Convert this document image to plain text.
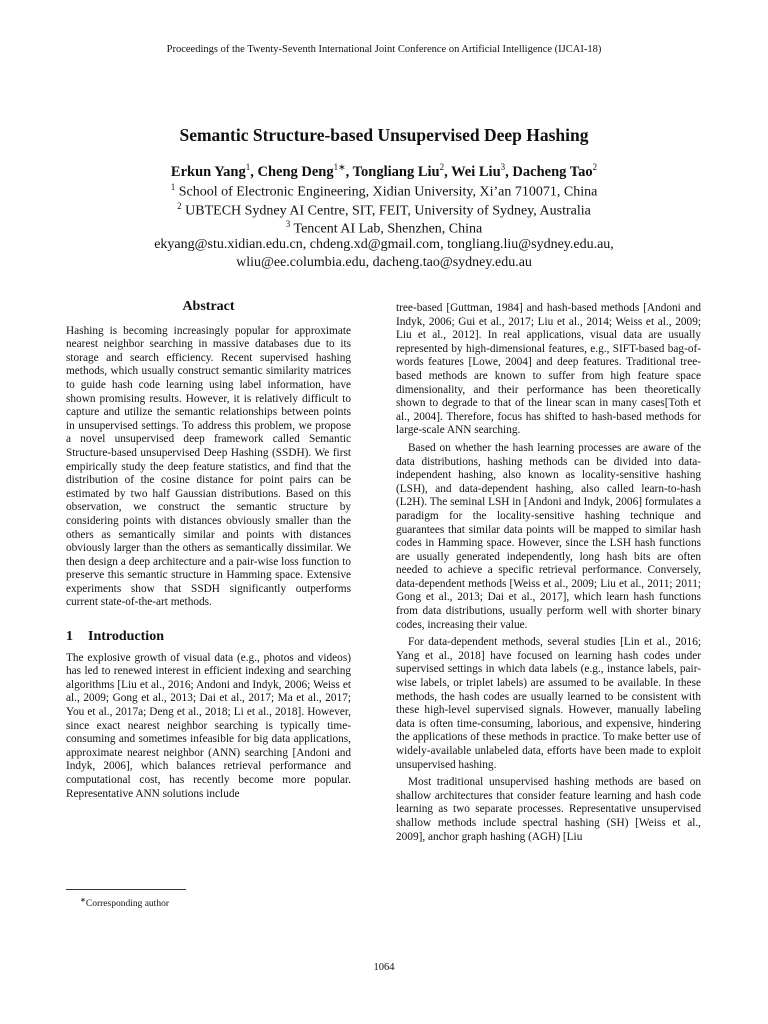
Proceedings of the Twenty-Seventh International Joint Conference on Artificial Intelligence (IJCAI-18)
Semantic Structure-based Unsupervised Deep Hashing
Erkun Yang$^1$, Cheng Deng$^{1∗}$, Tongliang Liu$^2$, Wei Liu$^3$, Dacheng Tao$^2$
$^1$ School of Electronic Engineering, Xidian University, Xi’an 710071, China
$^2$ UBTECH Sydney AI Centre, SIT, FEIT, University of Sydney, Australia
$^3$ Tencent AI Lab, Shenzhen, China
ekyang@stu.xidian.edu.cn, chdeng.xd@gmail.com, tongliang.liu@sydney.edu.au,
wliu@ee.columbia.edu, dacheng.tao@sydney.edu.au
Abstract

Hashing is becoming increasingly popular for approximate nearest neighbor searching in massive databases due to its storage and search efficiency. Recent supervised hashing methods, which usually construct semantic similarity matrices to guide hash code learning using label information, have shown promising results. However, it is relatively difficult to capture and utilize the semantic relationships between points in unsupervised settings. To address this problem, we propose a novel unsupervised deep framework called Semantic Structure-based unsupervised Deep Hashing (SSDH). We first empirically study the deep feature statistics, and find that the distribution of the cosine distance for point pairs can be estimated by two half Gaussian distributions. Based on this observation, we construct the semantic structure by considering points with distances obviously smaller than the others as semantically similar and points with distances obviously larger than the others as semantically dissimilar. We then design a deep architecture and a pair-wise loss function to preserve this semantic structure in Hamming space. Extensive experiments show that SSDH significantly outperforms current state-of-the-art methods.

1 Introduction

The explosive growth of visual data (e.g., photos and videos) has led to renewed interest in efficient indexing and searching algorithms [Liu et al., 2016; Andoni and Indyk, 2006; Weiss et al., 2009; Gong et al., 2013; Dai et al., 2017; Ma et al., 2017; You et al., 2017a; Deng et al., 2018; Li et al., 2018]. However, since exact nearest neighbor searching is typically time-consuming and sometimes infeasible for big data applications, approximate nearest neighbor (ANN) searching [Andoni and Indyk, 2006], which balances retrieval performance and computational cost, has recently become more popular. Representative ANN solutions include

tree-based [Guttman, 1984] and hash-based methods [Andoni and Indyk, 2006; Gui et al., 2017; Liu et al., 2014; Weiss et al., 2009; Liu et al., 2012]. In real applications, visual data are usually represented by high-dimensional features, e.g., SIFT-based bag-of-words features [Lowe, 2004] and deep features. Traditional tree-based methods are known to suffer from high feature space dimensionality, and their performance has been theoretically shown to degrade to that of the linear scan in many cases[Toth et al., 2004]. Therefore, focus has shifted to hash-based methods for large-scale ANN searching.

Based on whether the hash learning processes are aware of the data distributions, hashing methods can be divided into data-independent hashing, also known as locality-sensitive hashing (LSH), and data-dependent hashing, also called learn-to-hash (L2H). The seminal LSH in [Andoni and Indyk, 2006] formulates a paradigm for the locality-sensitive hashing technique and guarantees that similar data points will be mapped to similar hash codes in Hamming space. However, since the LSH hash functions are usually generated independently, long hash bits are often needed to achieve a specific retrieval performance. Conversely, data-dependent methods [Weiss et al., 2009; Liu et al., 2011; 2011; Gong et al., 2013; Dai et al., 2017], which learn hash functions from data distributions, usually perform well with shorter binary codes, increasing their value.

For data-dependent methods, several studies [Lin et al., 2016; Yang et al., 2018] have focused on learning hash codes under supervised settings in which data labels (e.g., instance labels, pair-wise labels, or triplet labels) are assumed to be available. In these methods, the hash codes are usually learned to be consistent with these high-level supervised signals. However, manually labeling data is often time-consuming, laborious, and expensive, hindering the applications of these methods in practice. To make better use of widely-available unlabeled data, efforts have been made to exploit unsupervised hashing.

Most traditional unsupervised hashing methods are based on shallow architectures that consider feature learning and hash code learning as two separate processes. Representative unsupervised shallow methods include spectral hashing (SH) [Weiss et al., 2009], anchor graph hashing (AGH) [Liu

∗Corresponding author
1064
